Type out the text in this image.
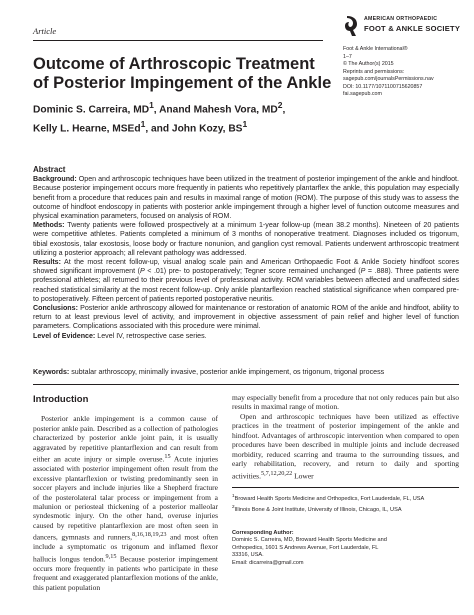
Article
AMERICAN ORTHOPAEDIC
FOOT & ANKLE SOCIETY
Foot & Ankle International®
1–7
© The Author(s) 2015
Reprints and permissions:
sagepub.com/journalsPermissions.nav
DOI: 10.1177/1071100715620857
fai.sagepub.com
Outcome of Arthroscopic Treatment of Posterior Impingement of the Ankle
Dominic S. Carreira, $MD^1$, Anand Mahesh Vora, $MD^2$,
Kelly L. Hearne, MSEd$^1$, and John Kozy, $BS^1$
Abstract

Background: Open and arthroscopic techniques have been utilized in the treatment of posterior impingement of the ankle and hindfoot. Because posterior impingement occurs more frequently in patients who repetitively plantarflex the ankle, this population may especially benefit from a procedure that reduces pain and results in maximal range of motion (ROM). The purpose of this study was to assess the outcome of hindfoot endoscopy in patients with posterior ankle impingement through a higher level of function outcome measures and physical examination parameters, focused on analysis of ROM.

Methods: Twenty patients were followed prospectively at a minimum 1-year follow-up (mean 38.2 months). Nineteen of 20 patients were competitive athletes. Patients completed a minimum of 3 months of nonoperative treatment. Diagnoses included os trigonum, tibial exostosis, talar exostosis, loose body or fracture nonunion, and ganglion cyst removal. Patients underwent arthroscopic treatment utilizing a posterior approach; all relevant pathology was addressed.

Results: At the most recent follow-up, visual analog scale pain and American Orthopaedic Foot & Ankle Society hindfoot scores showed significant improvement (P < .01) pre- to postoperatively; Tegner score remained unchanged (P = .888). Three patients were professional athletes; all returned to their previous level of professional activity. ROM variables between affected and unaffected sides reached statistical similarity at the most recent follow-up. Only ankle plantarflexion reached statistical significance when compared pre- to postoperatively. Fifteen percent of patients reported postoperative neuritis.

Conclusions: Posterior ankle arthroscopy allowed for maintenance or restoration of anatomic ROM of the ankle and hindfoot, ability to return to at least previous level of activity, and improvement in objective assessment of pain relief and higher level of function parameters. Complications associated with this procedure were minimal.

Level of Evidence: Level IV, retrospective case series.

Keywords: subtalar arthroscopy, minimally invasive, posterior ankle impingement, os trigonum, trigonal process
Introduction

Posterior ankle impingement is a common cause of posterior ankle pain. Described as a collection of pathologies characterized by posterior ankle joint pain, it is usually aggravated by repetitive plantarflexion and can result from either an acute injury or simple overuse.$^{15}$ Acute injuries associated with posterior impingement often result from the excessive plantarflexion or twisting predominantly seen in soccer players and include injuries like a Shepherd fracture of the posterolateral talar process or impingement from a malunion or periosteal thickening of a posterior malleolar syndesmotic injury. On the other hand, overuse injuries caused by repetitive plantarflexion are most often seen in dancers, gymnasts and runners,$^{8,16,18,19,23}$ and most often include a symptomatic os trigonum and inflamed flexor hallucis longus tendon.$^{9,15}$ Because posterior impingement occurs more frequently in patients who participate in these frequent and exaggerated plantarflexion motions of the ankle, this patient population

may especially benefit from a procedure that not only reduces pain but also results in maximal range of motion.

Open and arthroscopic techniques have been utilized as effective practices in the treatment of posterior impingement of the ankle and hindfoot. Advantages of arthroscopic intervention when compared to open procedures have been described in multiple joints and include decreased morbidity, reduced scarring and trauma to the surrounding tissues, and early rehabilitation, recovery, and return to daily and sporting activities.$^{5,7,12,20,22}$ Lower

$^1$Broward Health Sports Medicine and Orthopedics, Fort Lauderdale, FL, USA

$^2$Illinois Bone & Joint Institute, University of Illinois, Chicago, IL, USA

Corresponding Author:
Dominic S. Carreira, MD, Broward Health Sports Medicine and
Orthopedics, 1601 S Andrews Avenue, Fort Lauderdale, FL
33316, USA.
Email: dicarreira@gmail.com
